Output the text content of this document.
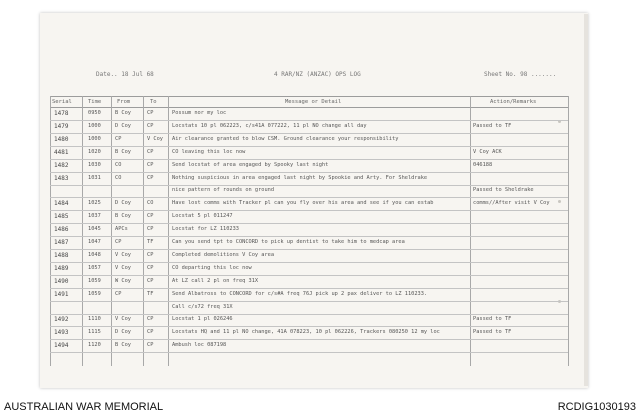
Date.. 18 Jul 68	4 RAR/NZ (ANZAC) OPS LOG	Sheet No. 98 .......
Serial	Time	From	To	Message or Detail	Action/Remarks
1478	0950	B Coy	CP	Possum nor my loc
1479	1000	D Coy	CP	Locstats 10 pl 062223, c/s41A 077222, 11 pl NO change all day	Passed to TF
1480	1000	CP	V Coy	Air clearance granted to blow CSM. Ground clearance your responsibility
4481	1020	B Coy	CP	CO leaving this loc now	V Coy ACK
1482	1030	CO	CP	Send locstat of area engaged by Spooky last night	046188
1483	1031	CO	CP	Nothing suspicious in area engaged last night by Spookie and Arty. For Sheldrake
nice pattern of rounds on ground	Passed to Sheldrake
1484	1025	D Coy	CO	Have lost comms with Tracker pl can you fly over his area and see if you can estab	comms//After visit V Coy
1485	1037	B Coy	CP	Locstat 5 pl 011247
1486	1045	APCs	CP	Locstat for LZ 110233
1487	1047	CP	TF	Can you send tpt to CONCORD to pick up dentist to take him to medcap area
1488	1048	V Coy	CP	Completed demolitions V Coy area
1489	1057	V Coy	CP	CO departing this loc now
1490	1059	W Coy	CP	At LZ call 2 pl on freq 31X
1491	1059	CP	TF	Send Albatross to CONCORD for c/s#A freq 76J pick up 2 pax deliver to LZ 110233.
Call c/s72 freq 31X
1492	1110	V Coy	CP	Locstat 1 pl 026246	Passed to TF
1493	1115	D Coy	CP	Locstats HQ and 11 pl NO change, 41A 078223, 10 pl 062226, Trackers 080250 12 my loc	Passed to TF
1494	1120	B Coy	CP	Ambush loc 087198
AUSTRALIAN WAR MEMORIAL	RCDIG1030193
